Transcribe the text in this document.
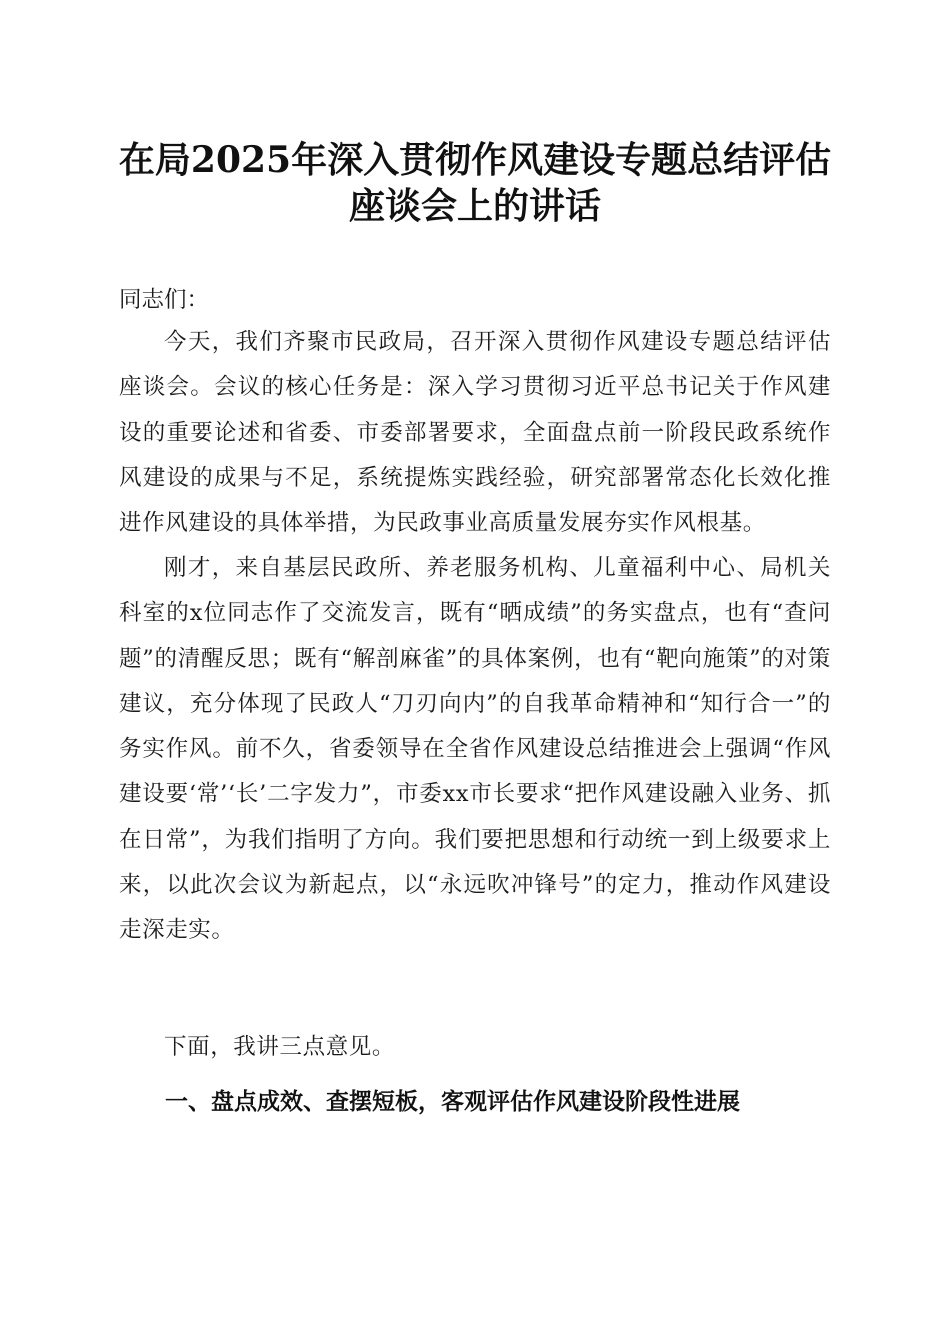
在局2025年深入贯彻作风建设专题总结评估
座谈会上的讲话
同志们：
今天，我们齐聚市民政局，召开深入贯彻作风建设专题总结评估座谈会。会议的核心任务是：深入学习贯彻习近平总书记关于作风建设的重要论述和省委、市委部署要求，全面盘点前一阶段民政系统作风建设的成果与不足，系统提炼实践经验，研究部署常态化长效化推进作风建设的具体举措，为民政事业高质量发展夯实作风根基。
刚才，来自基层民政所、养老服务机构、儿童福利中心、局机关科室的x位同志作了交流发言，既有“晒成绩”的务实盘点，也有“查问题”的清醒反思；既有“解剖麻雀”的具体案例，也有“靶向施策”的对策建议，充分体现了民政人“刀刃向内”的自我革命精神和“知行合一”的务实作风。前不久，省委领导在全省作风建设总结推进会上强调“作风建设要‘常’‘长’二字发力”，市委xx市长要求“把作风建设融入业务、抓在日常”，为我们指明了方向。我们要把思想和行动统一到上级要求上来，以此次会议为新起点，以“永远吹冲锋号”的定力，推动作风建设走深走实。
下面，我讲三点意见。
一、盘点成效、查摆短板，客观评估作风建设阶段性进展
